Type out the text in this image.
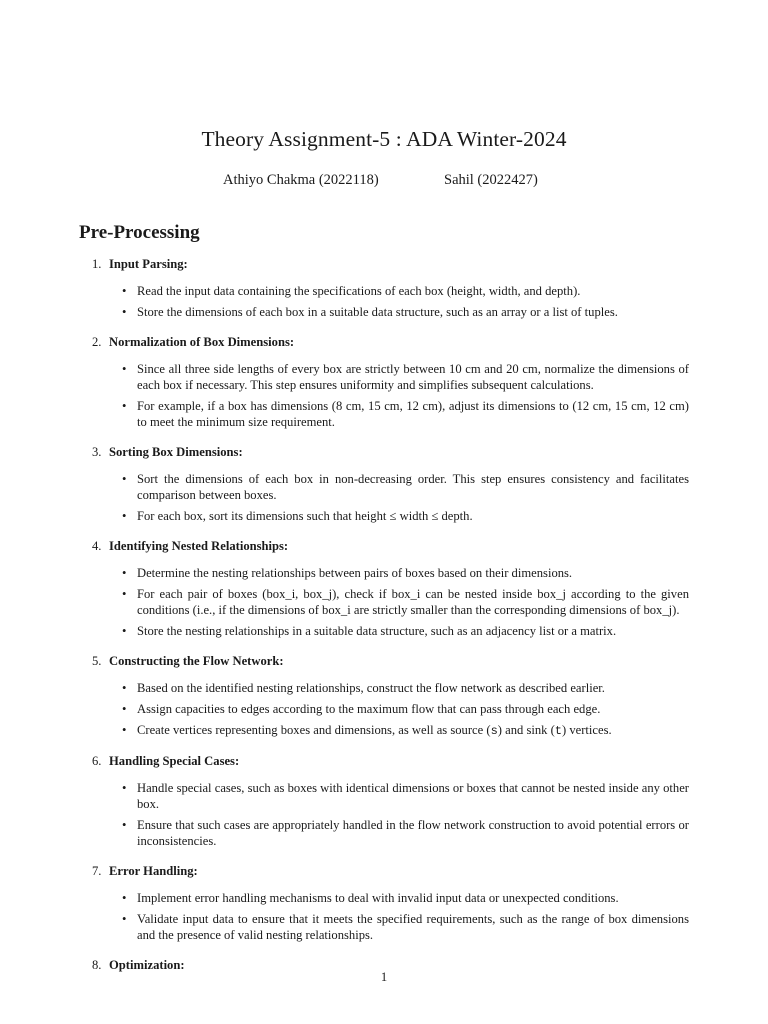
Theory Assignment-5 : ADA Winter-2024
Athiyo Chakma (2022118)	Sahil (2022427)
Pre-Processing
1. Input Parsing:
• Read the input data containing the specifications of each box (height, width, and depth).
• Store the dimensions of each box in a suitable data structure, such as an array or a list of tuples.
2. Normalization of Box Dimensions:
• Since all three side lengths of every box are strictly between 10 cm and 20 cm, normalize the dimensions of each box if necessary. This step ensures uniformity and simplifies subsequent calculations.
• For example, if a box has dimensions (8 cm, 15 cm, 12 cm), adjust its dimensions to (12 cm, 15 cm, 12 cm) to meet the minimum size requirement.
3. Sorting Box Dimensions:
• Sort the dimensions of each box in non-decreasing order. This step ensures consistency and facilitates comparison between boxes.
• For each box, sort its dimensions such that height ≤ width ≤ depth.
4. Identifying Nested Relationships:
• Determine the nesting relationships between pairs of boxes based on their dimensions.
• For each pair of boxes (box_i, box_j), check if box_i can be nested inside box_j according to the given conditions (i.e., if the dimensions of box_i are strictly smaller than the corresponding dimensions of box_j).
• Store the nesting relationships in a suitable data structure, such as an adjacency list or a matrix.
5. Constructing the Flow Network:
• Based on the identified nesting relationships, construct the flow network as described earlier.
• Assign capacities to edges according to the maximum flow that can pass through each edge.
• Create vertices representing boxes and dimensions, as well as source (s) and sink (t) vertices.
6. Handling Special Cases:
• Handle special cases, such as boxes with identical dimensions or boxes that cannot be nested inside any other box.
• Ensure that such cases are appropriately handled in the flow network construction to avoid potential errors or inconsistencies.
7. Error Handling:
• Implement error handling mechanisms to deal with invalid input data or unexpected conditions.
• Validate input data to ensure that it meets the specified requirements, such as the range of box dimensions and the presence of valid nesting relationships.
8. Optimization:
1
